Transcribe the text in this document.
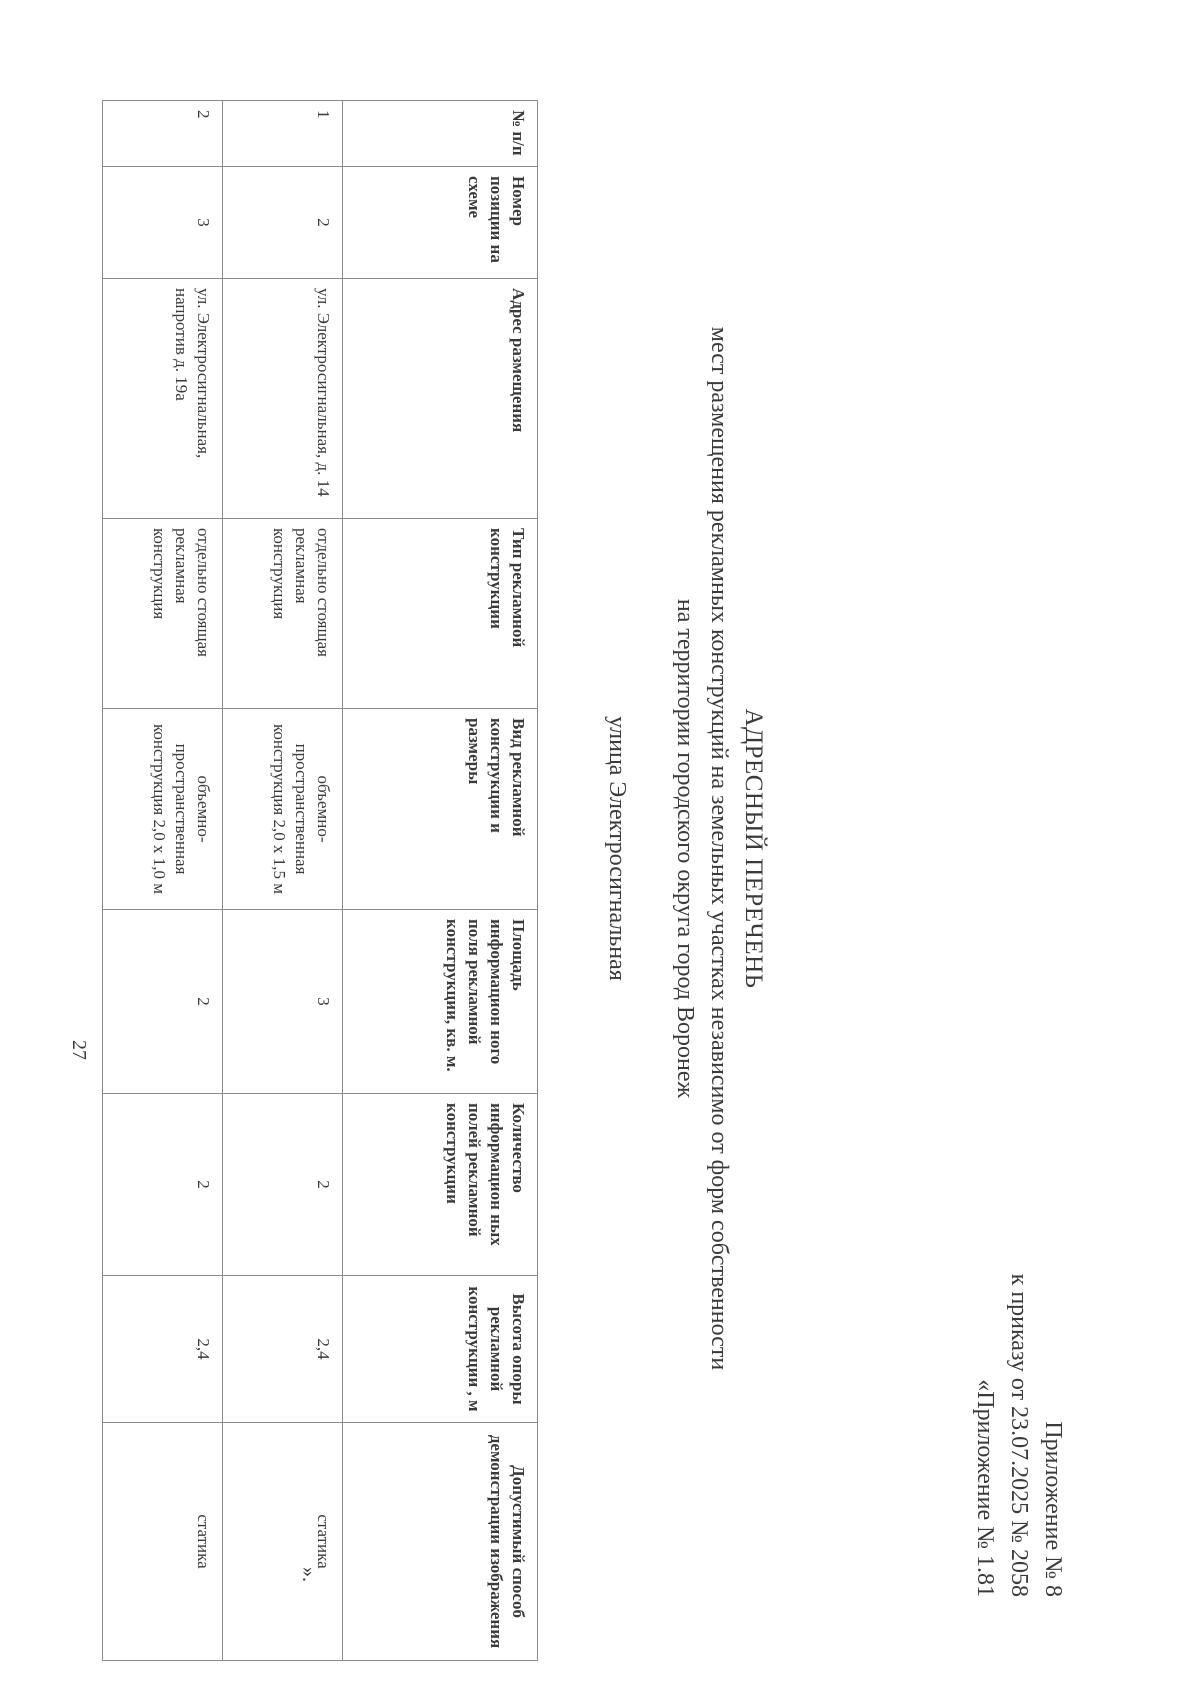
27
Приложение № 8
к приказу от 23.07.2025 № 2058
«Приложение № 1.81
АДРЕСНЫЙ ПЕРЕЧЕНЬ
мест размещения рекламных конструкций на земельных участках независимо от форм собственности
на территории городского округа город Воронеж
улица Электросигнальная
№ п/п	Номер позиции на схеме	Адрес размещения	Тип рекламной конструкции	Вид рекламной конструкции и размеры	Площадь информацион ного поля рекламной конструкции, кв. м.	Количество информацион ных полей рекламной конструкции	Высота опоры рекламной конструкции , м	Допустимый способ демонстрации изображения
1	2	ул. Электросигнальная, д. 14	отдельно стоящая рекламная конструкция	объемно-пространственная конструкция 2,0 х 1,5 м	3	2	2,4	статика
2	3	ул. Электросигнальная, напротив д. 19а	отдельно стоящая рекламная конструкция	объемно-пространственная конструкция 2,0 х 1,0 м	2	2	2,4	статика
».
